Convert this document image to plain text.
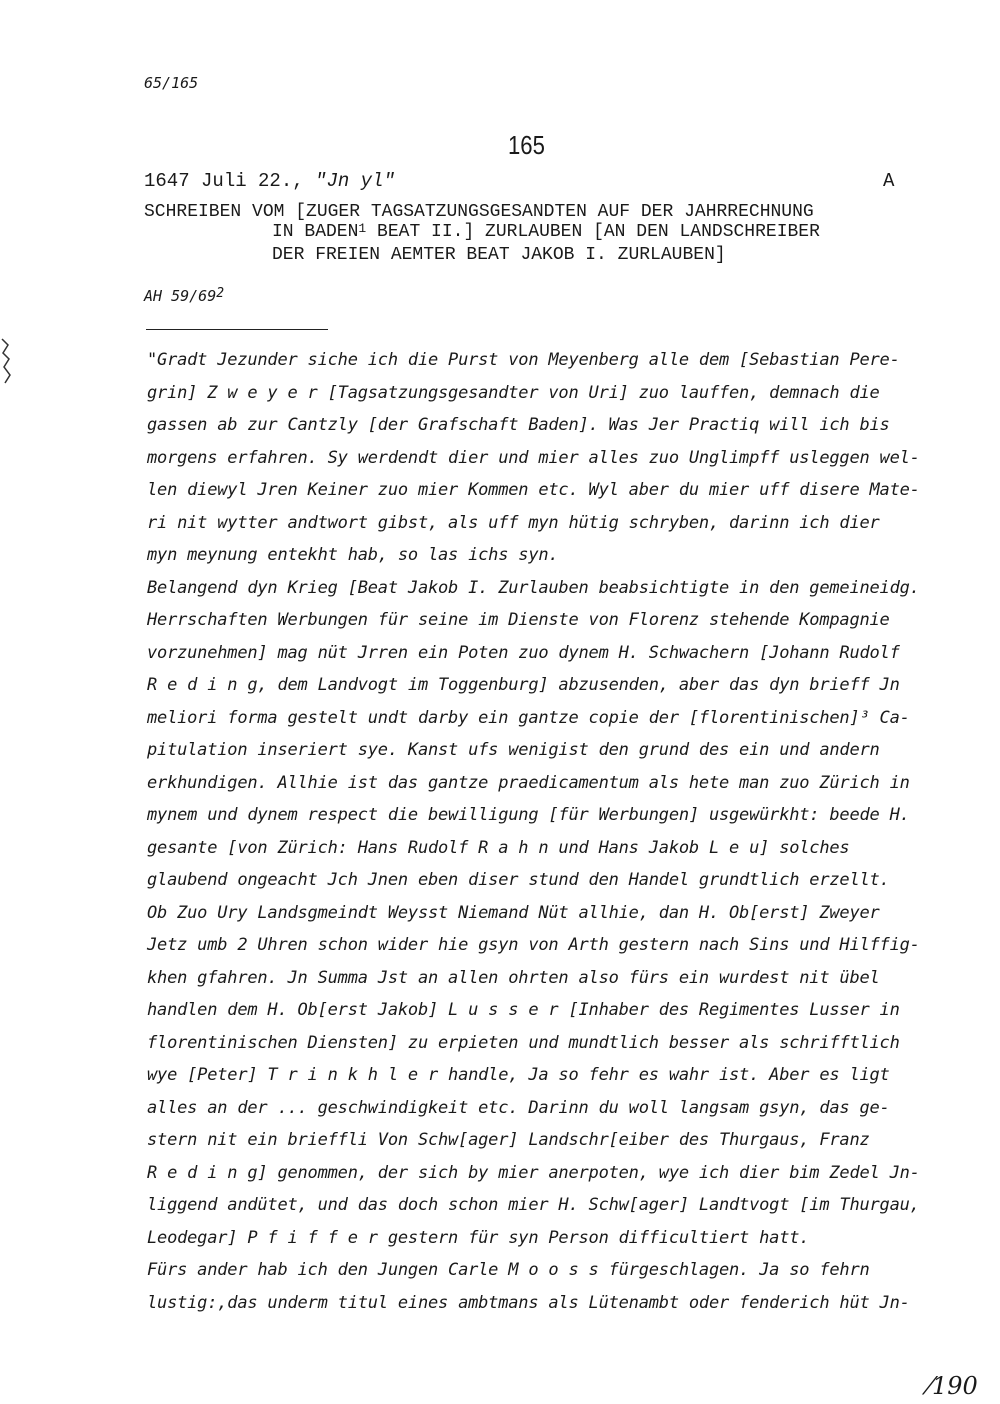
65/165
165
1647 Juli 22., "Jn yl"	A
SCHREIBEN VOM [ZUGER TAGSATZUNGSGESANDTEN AUF DER JAHRRECHNUNG
IN BADEN$^1$ BEAT II.] ZURLAUBEN [AN DEN LANDSCHREIBER
DER FREIEN AEMTER BEAT JAKOB I. ZURLAUBEN]
AH 59/69$^2$
"Gradt Jezunder siche ich die Purst von Meyenberg alle dem [Sebastian Pere-
grin] Z w e y e r [Tagsatzungsgesandter von Uri] zuo lauffen, demnach die
gassen ab zur Cantzly [der Grafschaft Baden]. Was Jer Practiq will ich bis
morgens erfahren. Sy werdendt dier und mier alles zuo Unglimpff usleggen wel-
len diewyl Jren Keiner zuo mier Kommen etc. Wyl aber du mier uff disere Mate-
ri nit wytter andtwort gibst, als uff myn hütig schryben, darinn ich dier
myn meynung entekht hab, so las ichs syn.
Belangend dyn Krieg [Beat Jakob I. Zurlauben beabsichtigte in den gemeineidg.
Herrschaften Werbungen für seine im Dienste von Florenz stehende Kompagnie
vorzunehmen] mag nüt Jrren ein Poten zuo dynem H. Schwachern [Johann Rudolf
R e d i n g, dem Landvogt im Toggenburg] abzusenden, aber das dyn brieff Jn
meliori forma gestelt undt darby ein gantze copie der [florentinischen]³ Ca-
pitulation inseriert sye. Kanst ufs wenigist den grund des ein und andern
erkhundigen. Allhie ist das gantze praedicamentum als hete man zuo Zürich in
mynem und dynem respect die bewilligung [für Werbungen] usgewürkht: beede H.
gesante [von Zürich: Hans Rudolf R a h n und Hans Jakob L e u] solches
glaubend ongeacht Jch Jnen eben diser stund den Handel grundtlich erzellt.
Ob Zuo Ury Landsgmeindt Weysst Niemand Nüt allhie, dan H. Ob[erst] Zweyer
Jetz umb 2 Uhren schon wider hie gsyn von Arth gestern nach Sins und Hilffig-
khen gfahren. Jn Summa Jst an allen ohrten also fürs ein wurdest nit übel
handlen dem H. Ob[erst Jakob] L u s s e r [Inhaber des Regimentes Lusser in
florentinischen Diensten] zu erpieten und mundtlich besser als schrifftlich
wye [Peter] T r i n k h l e r handle, Ja so fehr es wahr ist. Aber es ligt
alles an der ... geschwindigkeit etc. Darinn du woll langsam gsyn, das ge-
stern nit ein brieffli Von Schw[ager] Landschr[eiber des Thurgaus, Franz
R e d i n g] genommen, der sich by mier anerpoten, wye ich dier bim Zedel Jn-
liggend andütet, und das doch schon mier H. Schw[ager] Landtvogt [im Thurgau,
Leodegar] P f i f f e r gestern für syn Person difficultiert hatt.
Fürs ander hab ich den Jungen Carle M o o s s fürgeschlagen. Ja so fehrn
lustig:,das underm titul eines ambtmans als Lütenambt oder fenderich hüt Jn-
⁄190
